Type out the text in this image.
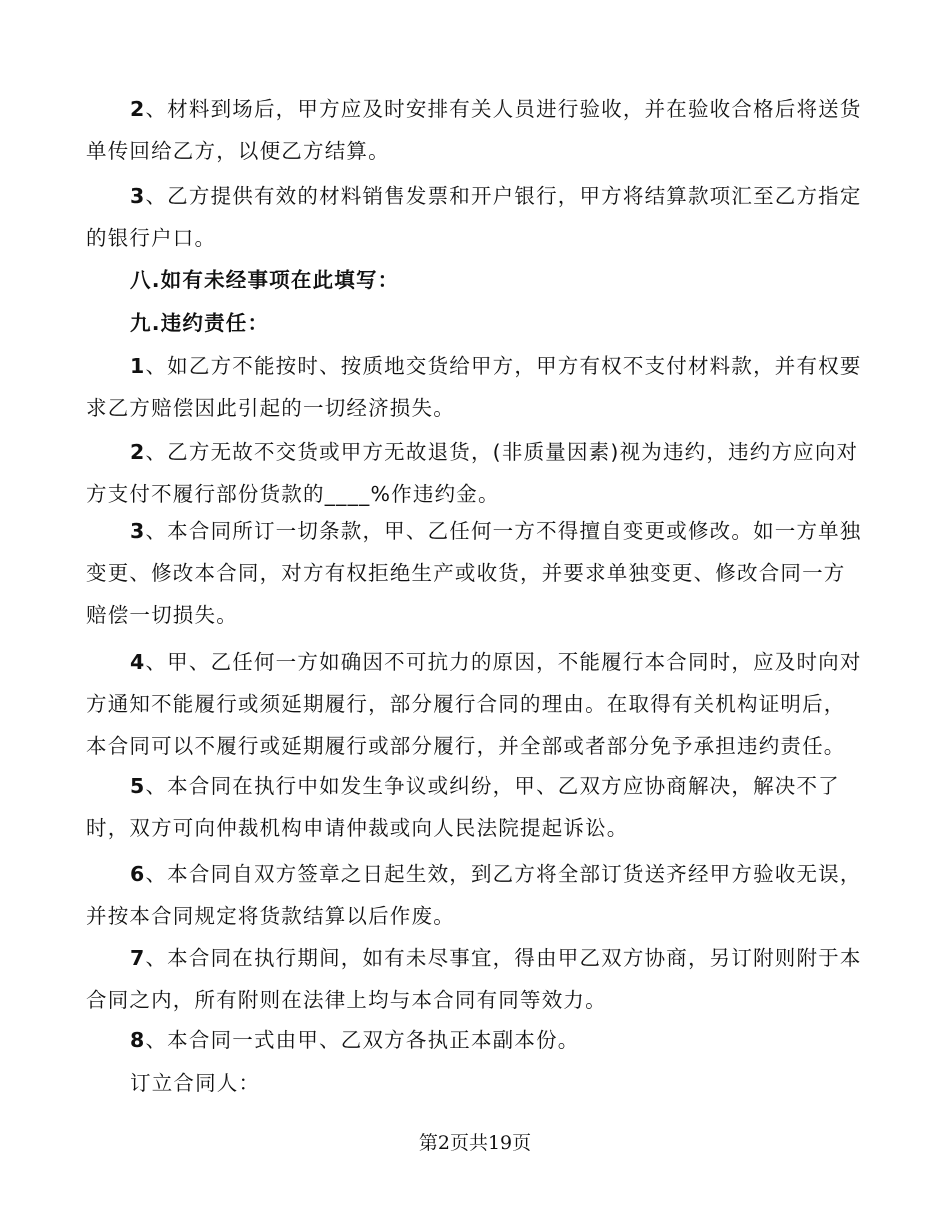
2、材料到场后，甲方应及时安排有关人员进行验收，并在验收合格后将送货单传回给乙方，以便乙方结算。
3、乙方提供有效的材料销售发票和开户银行，甲方将结算款项汇至乙方指定的银行户口。
八.如有未经事项在此填写：
九.违约责任：
1、如乙方不能按时、按质地交货给甲方，甲方有权不支付材料款，并有权要求乙方赔偿因此引起的一切经济损失。
2、乙方无故不交货或甲方无故退货，(非质量因素)视为违约，违约方应向对方支付不履行部份货款的____%作违约金。
3、本合同所订一切条款，甲、乙任何一方不得擅自变更或修改。如一方单独变更、修改本合同，对方有权拒绝生产或收货，并要求单独变更、修改合同一方赔偿一切损失。
4、甲、乙任何一方如确因不可抗力的原因，不能履行本合同时，应及时向对方通知不能履行或须延期履行，部分履行合同的理由。在取得有关机构证明后，本合同可以不履行或延期履行或部分履行，并全部或者部分免予承担违约责任。
5、本合同在执行中如发生争议或纠纷，甲、乙双方应协商解决，解决不了时，双方可向仲裁机构申请仲裁或向人民法院提起诉讼。
6、本合同自双方签章之日起生效，到乙方将全部订货送齐经甲方验收无误，并按本合同规定将货款结算以后作废。
7、本合同在执行期间，如有未尽事宜，得由甲乙双方协商，另订附则附于本合同之内，所有附则在法律上均与本合同有同等效力。
8、本合同一式由甲、乙双方各执正本副本份。
订立合同人：
第2页共19页
